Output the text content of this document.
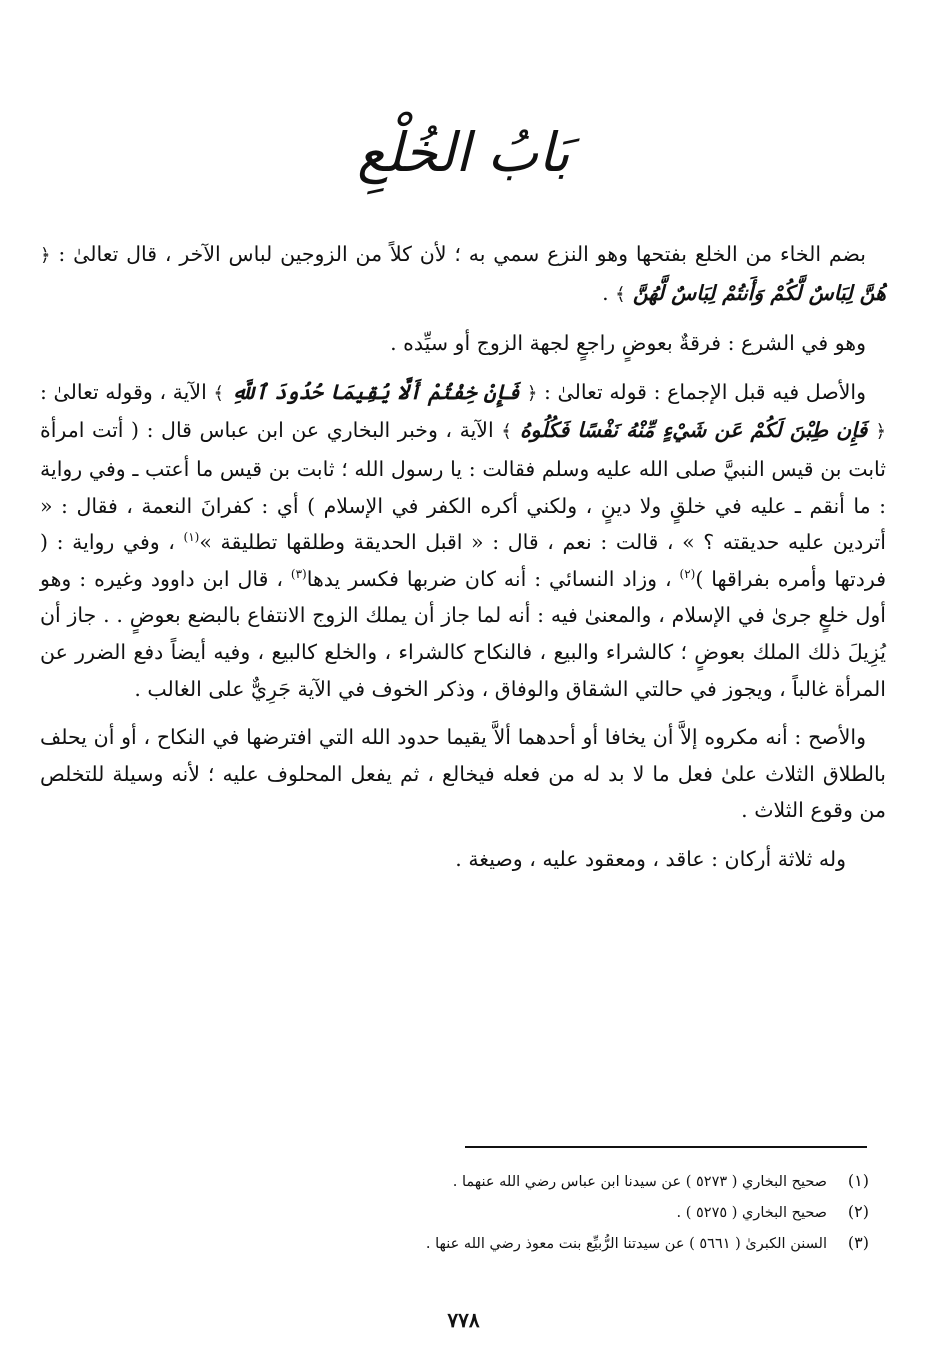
بَابُ الخُلْعِ

بضم الخاء من الخلع بفتحها وهو النزع سمي به ؛ لأن كلاً من الزوجين لباس الآخر ، قال تعالىٰ : ﴿ هُنَّ لِبَاسٌ لَّكُمْ وَأَنتُمْ لِبَاسٌ لَّهُنَّ ﴾ .

وهو في الشرع : فرقةٌ بعوضٍ راجعٍ لجهة الزوج أو سيِّده .

والأصل فيه قبل الإجماع : قوله تعالىٰ : ﴿ فَإِنْ خِفْتُمْ أَلَّا يُقِيمَا حُدُودَ ٱللَّهِ ﴾ الآية ، وقوله تعالىٰ : ﴿ فَإِن طِبْنَ لَكُمْ عَن شَيْءٍ مِّنْهُ نَفْسًا فَكُلُوهُ ﴾ الآية ، وخبر البخاري عن ابن عباس قال : ( أتت امرأة ثابت بن قيس النبيَّ صلى الله عليه وسلم فقالت : يا رسول الله ؛ ثابت بن قيس ما أعتب ـ وفي رواية : ما أنقم ـ عليه في خلقٍ ولا دينٍ ، ولكني أكره الكفر في الإسلام ) أي : كفرانَ النعمة ، فقال : « أتردين عليه حديقته ؟ » ، قالت : نعم ، قال : « اقبل الحديقة وطلقها تطليقة »$^{(١)}$ ، وفي رواية : ( فردتها وأمره بفراقها )$^{(٢)}$ ، وزاد النسائي : أنه كان ضربها فكسر يدها$^{(٣)}$ ، قال ابن داوود وغيره : وهو أول خلعٍ جرىٰ في الإسلام ، والمعنىٰ فيه : أنه لما جاز أن يملك الزوج الانتفاع بالبضع بعوضٍ . . جاز أن يُزِيلَ ذلك الملك بعوضٍ ؛ كالشراء والبيع ، فالنكاح كالشراء ، والخلع كالبيع ، وفيه أيضاً دفع الضرر عن المرأة غالباً ، ويجوز في حالتي الشقاق والوفاق ، وذكر الخوف في الآية جَرِيٌّ على الغالب .

والأصح : أنه مكروه إلاَّ أن يخافا أو أحدهما ألاَّ يقيما حدود الله التي افترضها في النكاح ، أو أن يحلف بالطلاق الثلاث علىٰ فعل ما لا بد له من فعله فيخالع ، ثم يفعل المحلوف عليه ؛ لأنه وسيلة للتخلص من وقوع الثلاث .

وله ثلاثة أركان : عاقد ، ومعقود عليه ، وصيغة .

(١)
صحيح البخاري ( ٥٢٧٣ ) عن سيدنا ابن عباس رضي الله عنهما .
(٢)
صحيح البخاري ( ٥٢٧٥ ) .
(٣)
السنن الكبرىٰ ( ٥٦٦١ ) عن سيدتنا الرُّبيِّع بنت معوذ رضي الله عنها .
٧٧٨
